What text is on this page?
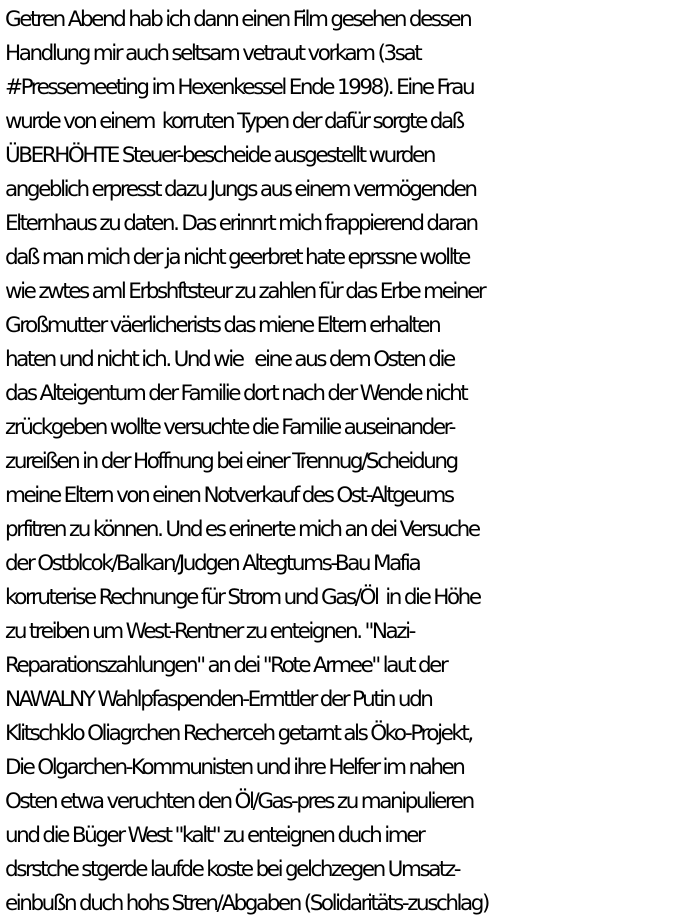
Getren Abend hab ich dann einen Film gesehen dessen
Handlung mir auch seltsam vetraut vorkam (3sat
#Pressemeeting im Hexenkessel Ende 1998). Eine Frau
wurde von einem  korruten Typen der dafür sorgte daß
ÜBERHÖHTE Steuer-bescheide ausgestellt wurden
angeblich erpresst dazu Jungs aus einem vermögenden
Elternhaus zu daten. Das erinnrt mich frappierend daran
daß man mich der ja nicht geerbret hate eprssne wollte
wie zwtes aml Erbshftsteur zu zahlen für das Erbe meiner
Großmutter väerlicherists das miene Eltern erhalten
haten und nicht ich. Und wie   eine aus dem Osten die
das Alteigentum der Familie dort nach der Wende nicht
zrückgeben wollte versuchte die Familie auseinander-
zureißen in der Hoffnung bei einer Trennug/Scheidung
meine Eltern von einen Notverkauf des Ost-Altgeums
prfitren zu können. Und es erinerte mich an dei Versuche
der Ostblcok/Balkan/Judgen Altegtums-Bau Mafia
korruterise Rechnunge für Strom und Gas/Öl  in die Höhe
zu treiben um West-Rentner zu enteignen. "Nazi-
Reparationszahlungen" an dei "Rote Armee" laut der
NAWALNY Wahlpfaspenden-Ermttler der Putin udn
Klitschklo Oliagrchen Recherceh getarnt als Öko-Projekt,
Die Olgarchen-Kommunisten und ihre Helfer im nahen
Osten etwa veruchten den Öl/Gas-pres zu manipulieren
und die Büger West "kalt" zu enteignen duch imer
dsrstche stgerde laufde koste bei gelchzegen Umsatz-
einbußn duch hohs Stren/Abgaben (Solidaritäts-zuschlag)
